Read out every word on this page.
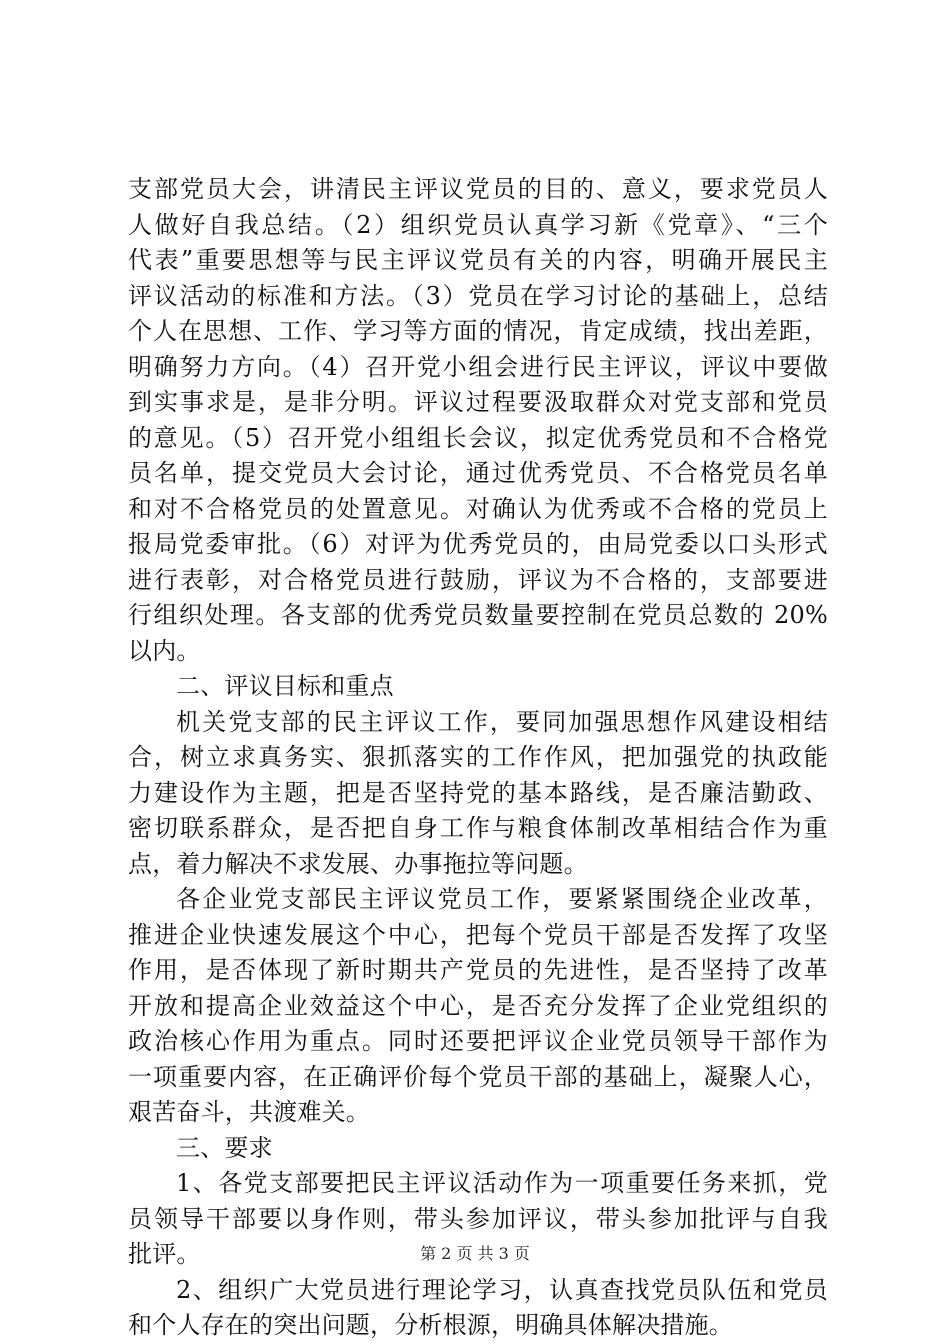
支部党员大会，讲清民主评议党员的目的、意义，要求党员人
人做好自我总结。（2）组织党员认真学习新《党章》、“三个
代表”重要思想等与民主评议党员有关的内容，明确开展民主
评议活动的标准和方法。（3）党员在学习讨论的基础上，总结
个人在思想、工作、学习等方面的情况，肯定成绩，找出差距，
明确努力方向。（4）召开党小组会进行民主评议，评议中要做
到实事求是，是非分明。评议过程要汲取群众对党支部和党员
的意见。（5）召开党小组组长会议，拟定优秀党员和不合格党
员名单，提交党员大会讨论，通过优秀党员、不合格党员名单
和对不合格党员的处置意见。对确认为优秀或不合格的党员上
报局党委审批。（6）对评为优秀党员的，由局党委以口头形式
进行表彰，对合格党员进行鼓励，评议为不合格的，支部要进
行组织处理。各支部的优秀党员数量要控制在党员总数的 20%
以内。
二、评议目标和重点
机关党支部的民主评议工作，要同加强思想作风建设相结
合，树立求真务实、狠抓落实的工作作风，把加强党的执政能
力建设作为主题，把是否坚持党的基本路线，是否廉洁勤政、
密切联系群众，是否把自身工作与粮食体制改革相结合作为重
点，着力解决不求发展、办事拖拉等问题。
各企业党支部民主评议党员工作，要紧紧围绕企业改革，
推进企业快速发展这个中心，把每个党员干部是否发挥了攻坚
作用，是否体现了新时期共产党员的先进性，是否坚持了改革
开放和提高企业效益这个中心，是否充分发挥了企业党组织的
政治核心作用为重点。同时还要把评议企业党员领导干部作为
一项重要内容，在正确评价每个党员干部的基础上，凝聚人心，
艰苦奋斗，共渡难关。
三、要求
1、各党支部要把民主评议活动作为一项重要任务来抓，党
员领导干部要以身作则，带头参加评议，带头参加批评与自我
批评。
2、组织广大党员进行理论学习，认真查找党员队伍和党员
和个人存在的突出问题，分析根源，明确具体解决措施。
第 2 页 共 3 页
